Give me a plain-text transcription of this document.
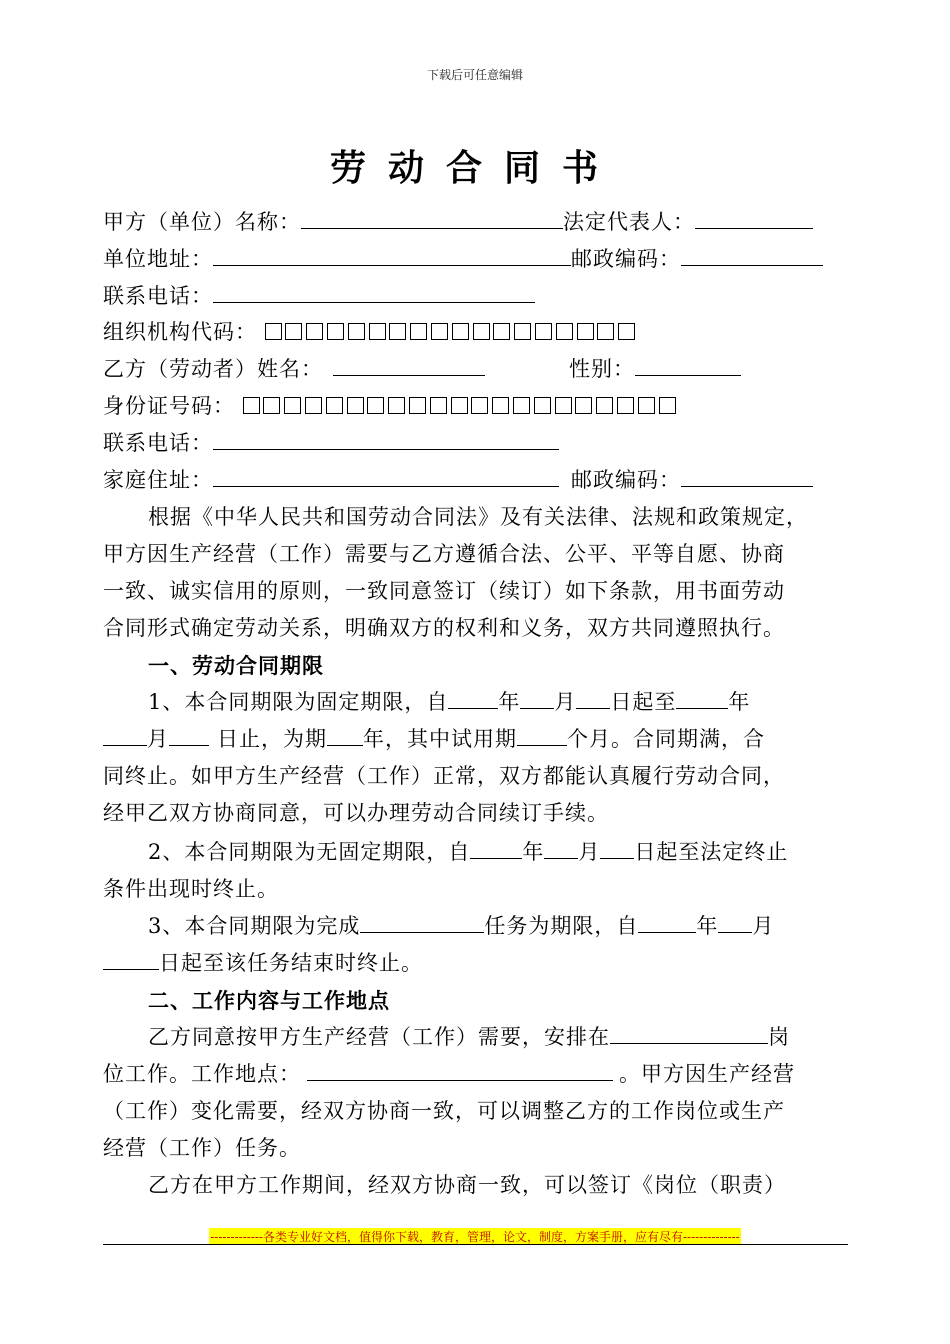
下载后可任意编辑
劳动合同书
甲方（单位）名称：	法定代表人：
单位地址：	邮政编码：
联系电话：
组织机构代码：
乙方（劳动者）姓名：	性别：
身份证号码：
联系电话：
家庭住址：	邮政编码：
根据《中华人民共和国劳动合同法》及有关法律、法规和政策规定，
甲方因生产经营（工作）需要与乙方遵循合法、公平、平等自愿、协商
一致、诚实信用的原则，一致同意签订（续订）如下条款，用书面劳动
合同形式确定劳动关系，明确双方的权利和义务，双方共同遵照执行。
一、劳动合同期限
1、本合同期限为固定期限，自 年 月 日起至 年
月 日止，为期 年，其中试用期 个月。合同期满，合
同终止。如甲方生产经营（工作）正常，双方都能认真履行劳动合同，
经甲乙双方协商同意，可以办理劳动合同续订手续。
2、本合同期限为无固定期限，自 年 月 日起至法定终止
条件出现时终止。
3、本合同期限为完成	任务为期限，自	年 月
日起至该任务结束时终止。
二、工作内容与工作地点
乙方同意按甲方生产经营（工作）需要，安排在	岗
位工作。工作地点：	。甲方因生产经营
（工作）变化需要，经双方协商一致，可以调整乙方的工作岗位或生产
经营（工作）任务。
乙方在甲方工作期间，经双方协商一致，可以签订《岗位（职责）
-------------各类专业好文档，值得你下载，教育，管理，论文，制度，方案手册，应有尽有--------------
